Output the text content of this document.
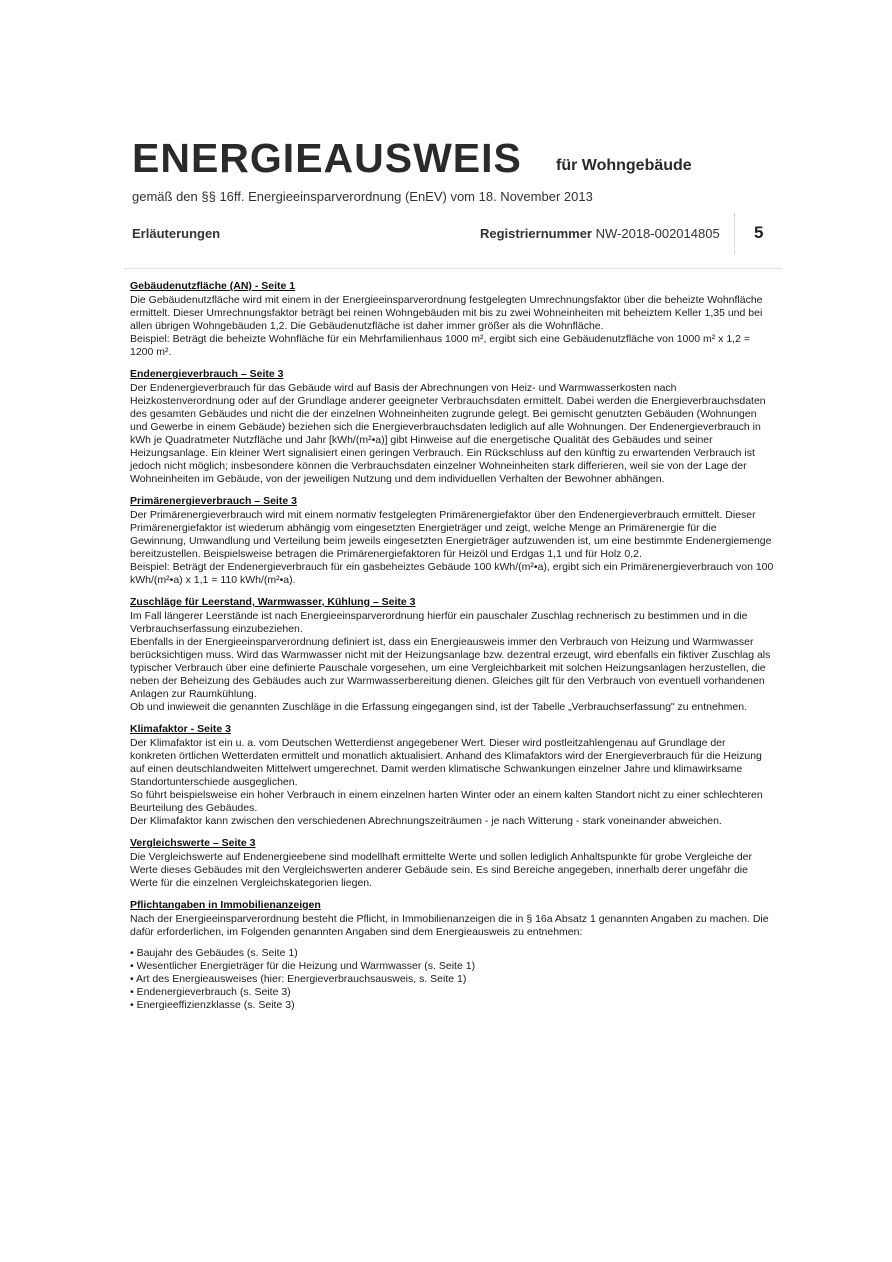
ENERGIEAUSWEIS für Wohngebäude
gemäß den §§ 16ff. Energieeinsparverordnung (EnEV) vom 18. November 2013
Erläuterungen	Registriernummer NW-2018-002014805 5
Gebäudenutzfläche (AN) - Seite 1

Die Gebäudenutzfläche wird mit einem in der Energieeinsparverordnung festgelegten Umrechnungsfaktor über die beheizte Wohnfläche ermittelt. Dieser Umrechnungsfaktor beträgt bei reinen Wohngebäuden mit bis zu zwei Wohneinheiten mit beheiztem Keller 1,35 und bei allen übrigen Wohngebäuden 1,2. Die Gebäudenutzfläche ist daher immer größer als die Wohnfläche.

Beispiel: Beträgt die beheizte Wohnfläche für ein Mehrfamilienhaus 1000 m², ergibt sich eine Gebäudenutzfläche von 1000 m² x 1,2 = 1200 m².

Endenergieverbrauch – Seite 3

Der Endenergieverbrauch für das Gebäude wird auf Basis der Abrechnungen von Heiz- und Warmwasserkosten nach Heizkostenverordnung oder auf der Grundlage anderer geeigneter Verbrauchsdaten ermittelt. Dabei werden die Energieverbrauchsdaten des gesamten Gebäudes und nicht die der einzelnen Wohneinheiten zugrunde gelegt. Bei gemischt genutzten Gebäuden (Wohnungen und Gewerbe in einem Gebäude) beziehen sich die Energieverbrauchsdaten lediglich auf alle Wohnungen. Der Endenergieverbrauch in kWh je Quadratmeter Nutzfläche und Jahr [kWh/(m²•a)] gibt Hinweise auf die energetische Qualität des Gebäudes und seiner Heizungsanlage. Ein kleiner Wert signalisiert einen geringen Verbrauch. Ein Rückschluss auf den künftig zu erwartenden Verbrauch ist jedoch nicht möglich; insbesondere können die Verbrauchsdaten einzelner Wohneinheiten stark differieren, weil sie von der Lage der Wohneinheiten im Gebäude, von der jeweiligen Nutzung und dem individuellen Verhalten der Bewohner abhängen.

Primärenergieverbrauch – Seite 3

Der Primärenergieverbrauch wird mit einem normativ festgelegten Primärenergiefaktor über den Endenergieverbrauch ermittelt. Dieser Primärenergiefaktor ist wiederum abhängig vom eingesetzten Energieträger und zeigt, welche Menge an Primärenergie für die Gewinnung, Umwandlung und Verteilung beim jeweils eingesetzten Energieträger aufzuwenden ist, um eine bestimmte Endenergiemenge bereitzustellen. Beispielsweise betragen die Primärenergiefaktoren für Heizöl und Erdgas 1,1 und für Holz 0,2.

Beispiel: Beträgt der Endenergieverbrauch für ein gasbeheiztes Gebäude 100 kWh/(m²•a), ergibt sich ein Primärenergieverbrauch von 100 kWh/(m²•a) x 1,1 = 110 kWh/(m²•a).

Zuschläge für Leerstand, Warmwasser, Kühlung – Seite 3

Im Fall längerer Leerstände ist nach Energieeinsparverordnung hierfür ein pauschaler Zuschlag rechnerisch zu bestimmen und in die Verbrauchserfassung einzubeziehen.

Ebenfalls in der Energieeinsparverordnung definiert ist, dass ein Energieausweis immer den Verbrauch von Heizung und Warmwasser berücksichtigen muss. Wird das Warmwasser nicht mit der Heizungsanlage bzw. dezentral erzeugt, wird ebenfalls ein fiktiver Zuschlag als typischer Verbrauch über eine definierte Pauschale vorgesehen, um eine Vergleichbarkeit mit solchen Heizungsanlagen herzustellen, die neben der Beheizung des Gebäudes auch zur Warmwasserbereitung dienen. Gleiches gilt für den Verbrauch von eventuell vorhandenen Anlagen zur Raumkühlung.

Ob und inwieweit die genannten Zuschläge in die Erfassung eingegangen sind, ist der Tabelle „Verbrauchserfassung" zu entnehmen.

Klimafaktor - Seite 3

Der Klimafaktor ist ein u. a. vom Deutschen Wetterdienst angegebener Wert. Dieser wird postleitzahlengenau auf Grundlage der konkreten örtlichen Wetterdaten ermittelt und monatlich aktualisiert. Anhand des Klimafaktors wird der Energieverbrauch für die Heizung auf einen deutschlandweiten Mittelwert umgerechnet. Damit werden klimatische Schwankungen einzelner Jahre und klimawirksame Standortunterschiede ausgeglichen.

So führt beispielsweise ein hoher Verbrauch in einem einzelnen harten Winter oder an einem kalten Standort nicht zu einer schlechteren Beurteilung des Gebäudes.

Der Klimafaktor kann zwischen den verschiedenen Abrechnungszeiträumen - je nach Witterung - stark voneinander abweichen.

Vergleichswerte – Seite 3

Die Vergleichswerte auf Endenergieebene sind modellhaft ermittelte Werte und sollen lediglich Anhaltspunkte für grobe Vergleiche der Werte dieses Gebäudes mit den Vergleichswerten anderer Gebäude sein. Es sind Bereiche angegeben, innerhalb derer ungefähr die Werte für die einzelnen Vergleichskategorien liegen.

Pflichtangaben in Immobilienanzeigen

Nach der Energieeinsparverordnung besteht die Pflicht, in Immobilienanzeigen die in § 16a Absatz 1 genannten Angaben zu machen. Die dafür erforderlichen, im Folgenden genannten Angaben sind dem Energieausweis zu entnehmen:

• Baujahr des Gebäudes (s. Seite 1)
• Wesentlicher Energieträger für die Heizung und Warmwasser (s. Seite 1)
• Art des Energieausweises (hier: Energieverbrauchsausweis, s. Seite 1)
• Endenergieverbrauch (s. Seite 3)
• Energieeffizienzklasse (s. Seite 3)
